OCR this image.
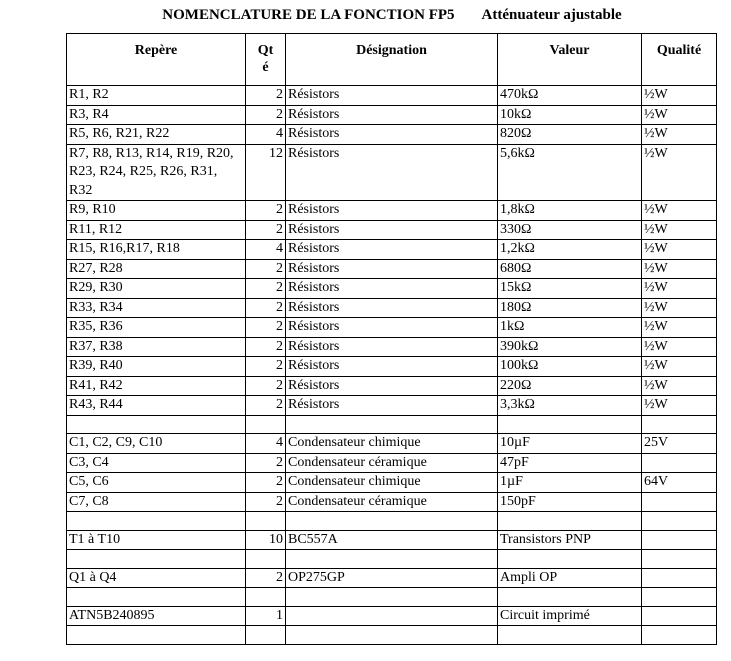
NOMENCLATURE DE LA FONCTION FP5 Atténuateur ajustable
Repère	Qté	Désignation	Valeur	Qualité
R1, R2	2	Résistors	470kΩ	½W
R3, R4	2	Résistors	10kΩ	½W
R5, R6, R21, R22	4	Résistors	820Ω	½W
R7, R8, R13, R14, R19, R20, R23, R24, R25, R26, R31, R32	12	Résistors	5,6kΩ	½W
R9, R10	2	Résistors	1,8kΩ	½W
R11, R12	2	Résistors	330Ω	½W
R15, R16,R17, R18	4	Résistors	1,2kΩ	½W
R27, R28	2	Résistors	680Ω	½W
R29, R30	2	Résistors	15kΩ	½W
R33, R34	2	Résistors	180Ω	½W
R35, R36	2	Résistors	1kΩ	½W
R37, R38	2	Résistors	390kΩ	½W
R39, R40	2	Résistors	100kΩ	½W
R41, R42	2	Résistors	220Ω	½W
R43, R44	2	Résistors	3,3kΩ	½W

C1, C2, C9, C10	4	Condensateur chimique	10µF	25V
C3, C4	2	Condensateur céramique	47pF	
C5, C6	2	Condensateur chimique	1µF	64V
C7, C8	2	Condensateur céramique	150pF	

T1 à T10	10	BC557A	Transistors PNP	

Q1 à Q4	2	OP275GP	Ampli OP	

ATN5B240895	1		Circuit imprimé	
